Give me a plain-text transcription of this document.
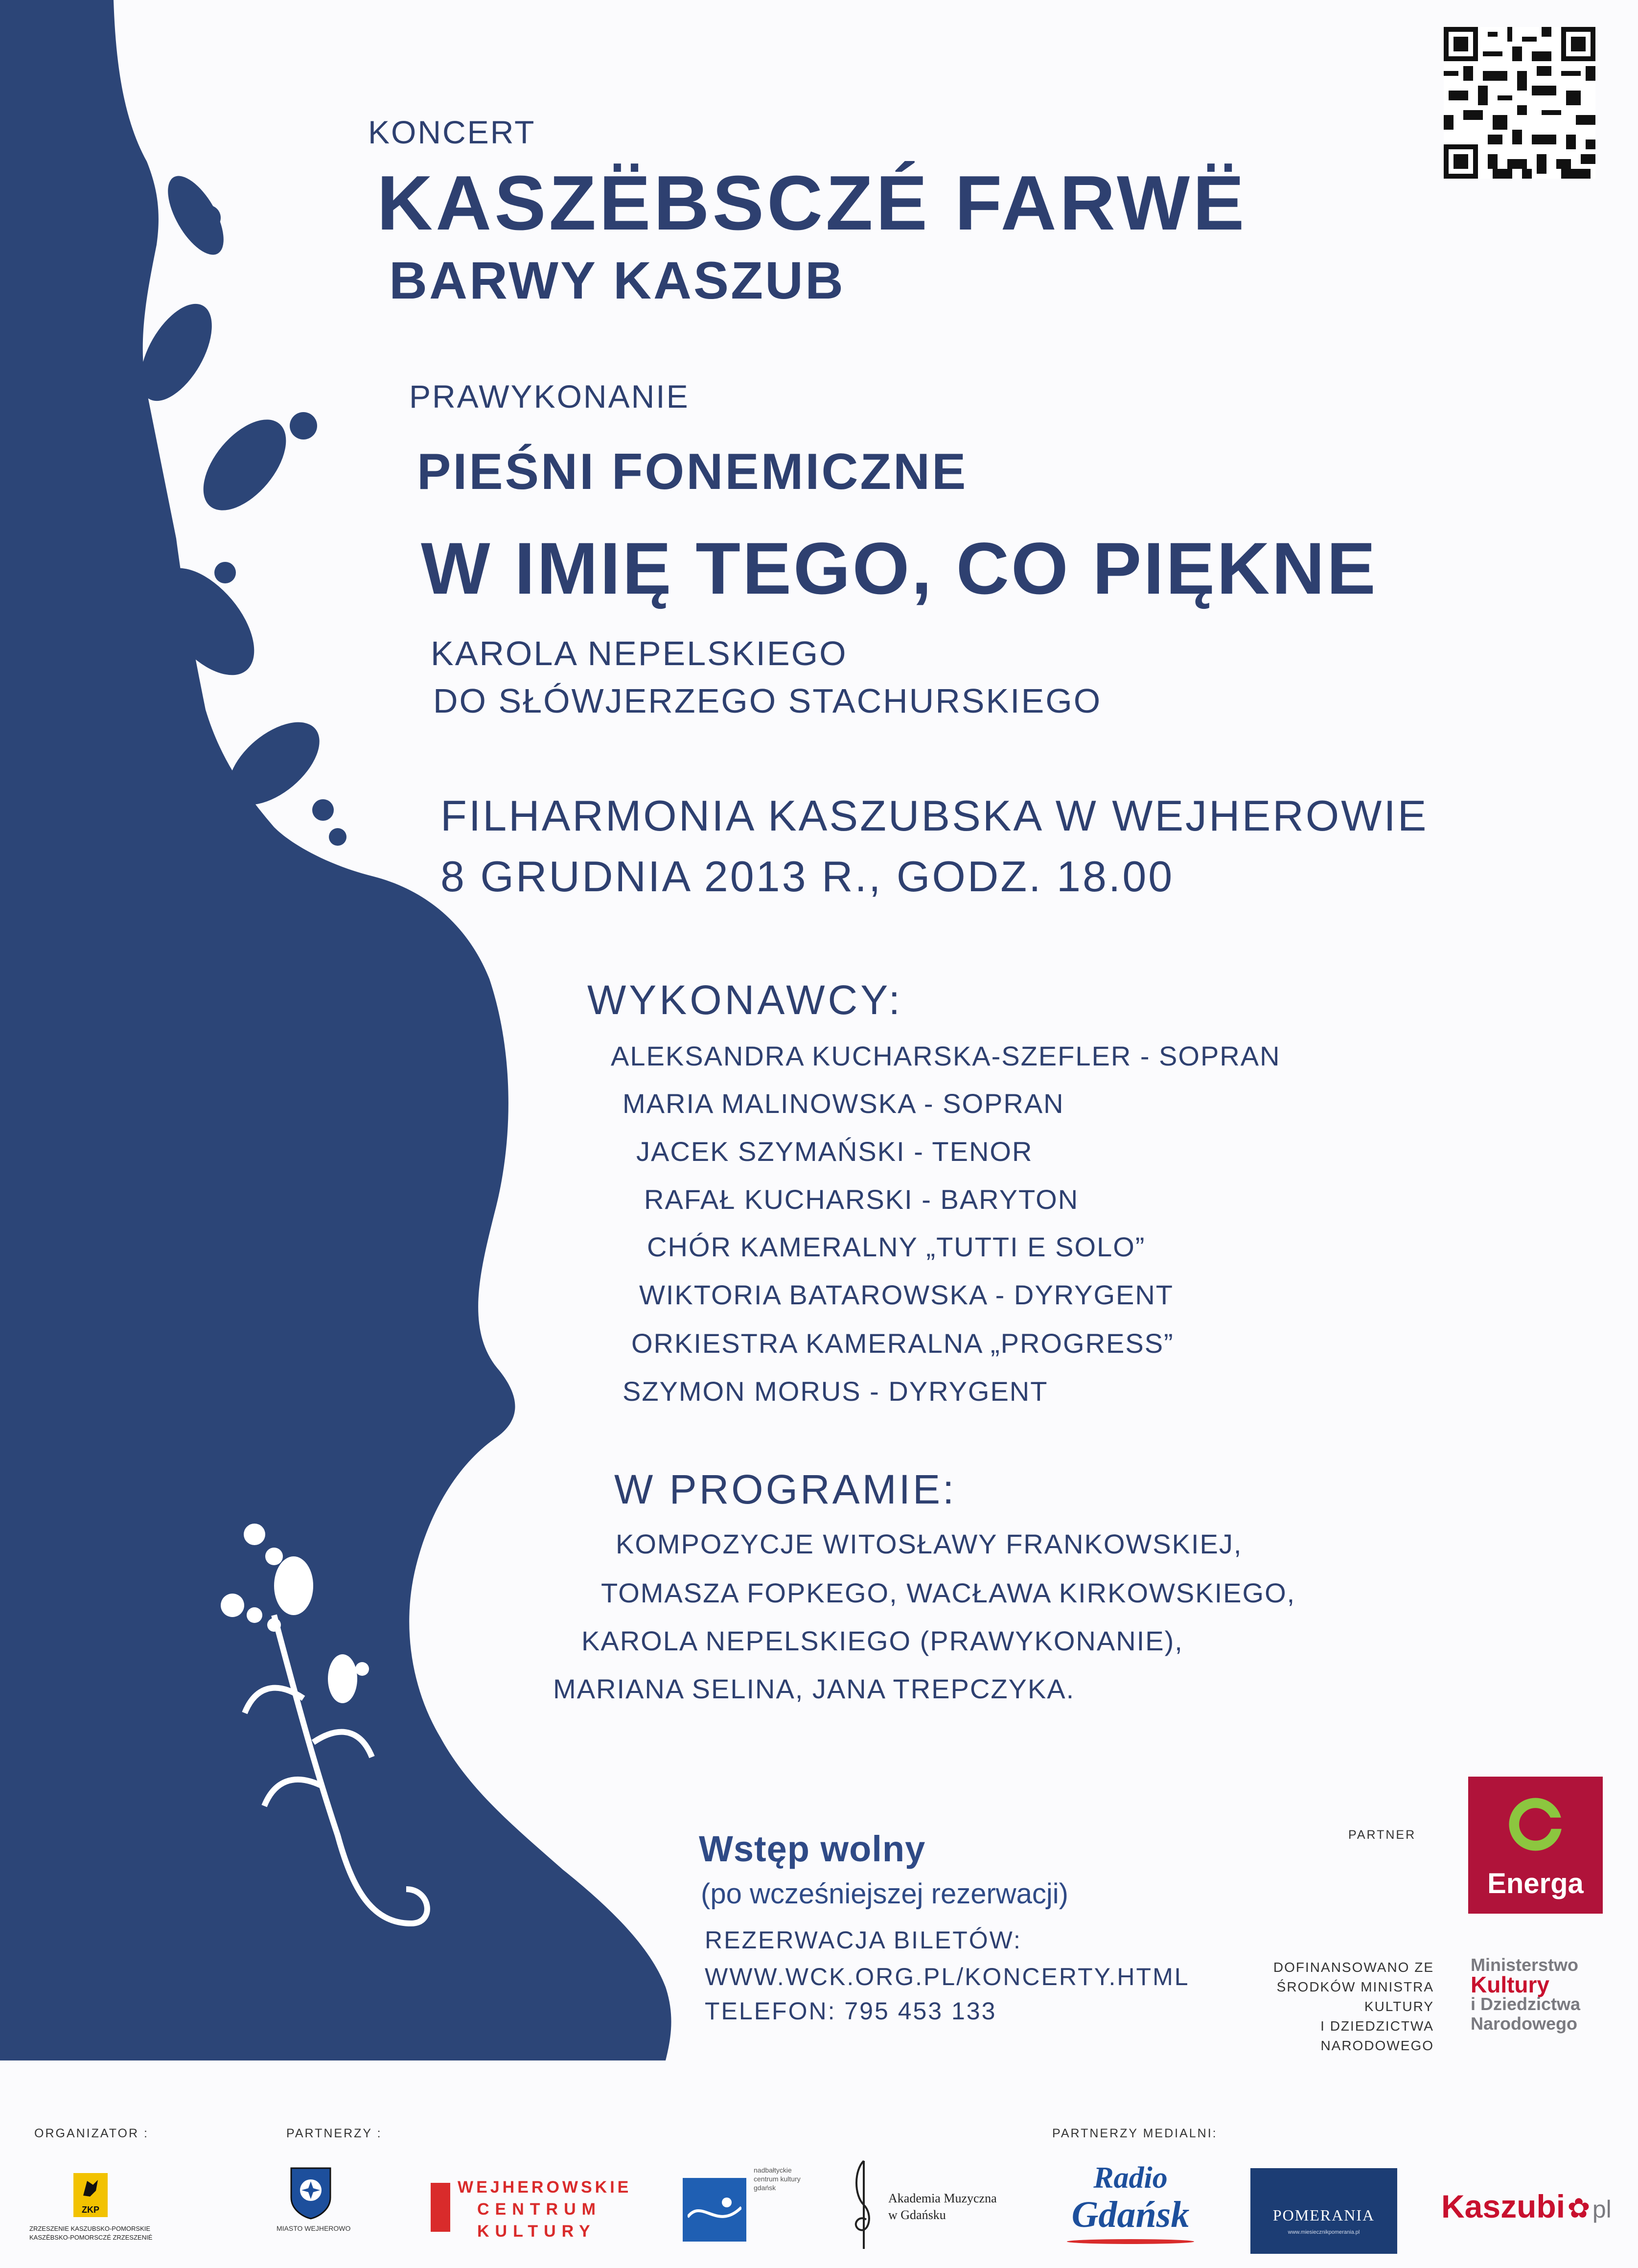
KONCERT
KASZËBSCZÉ FARWË
BARWY KASZUB
PRAWYKONANIE
PIEŚNI FONEMICZNE
W IMIĘ TEGO, CO PIĘKNE
KAROLA NEPELSKIEGO
DO SŁÓWJERZEGO STACHURSKIEGO
FILHARMONIA KASZUBSKA W WEJHEROWIE
8 GRUDNIA 2013 R., GODZ. 18.00
WYKONAWCY:
ALEKSANDRA KUCHARSKA-SZEFLER - SOPRAN
MARIA MALINOWSKA - SOPRAN
JACEK SZYMAŃSKI - TENOR
RAFAŁ KUCHARSKI - BARYTON
CHÓR KAMERALNY „TUTTI E SOLO”
WIKTORIA BATAROWSKA - DYRYGENT
ORKIESTRA KAMERALNA „PROGRESS”
SZYMON MORUS - DYRYGENT
W PROGRAMIE:
KOMPOZYCJE WITOSŁAWY FRANKOWSKIEJ,
TOMASZA FOPKEGO, WACŁAWA KIRKOWSKIEGO,
KAROLA NEPELSKIEGO (PRAWYKONANIE),
MARIANA SELINA, JANA TREPCZYKA.
Wstęp wolny
(po wcześniejszej rezerwacji)
REZERWACJA BILETÓW:
WWW.WCK.ORG.PL/KONCERTY.HTML
TELEFON: 795 453 133
PARTNER
Energa
DOFINANSOWANO ZE
ŚRODKÓW MINISTRA KULTURY
I DZIEDZICTWA NARODOWEGO
Ministerstwo
Kultury
i Dziedzictwa
Narodowego
ORGANIZATOR :	PARTNERZY :	PARTNERZY MEDIALNI:
ZKP
ZRZESZENIE KASZUBSKO-POMORSKIE
KASZËBSKO-POMORSCZÉ ZRZESZENIÉ
MIASTO WEJHEROWO
WEJHEROWSKIE
CENTRUM
KULTURY
nadbałtyckie
centrum kultury
gdańsk
Akademia Muzyczna
w Gdańsku
Radio
Gdańsk	POMERANIA
www.miesiecznikpomerania.pl
Kaszubi ✿ pl
